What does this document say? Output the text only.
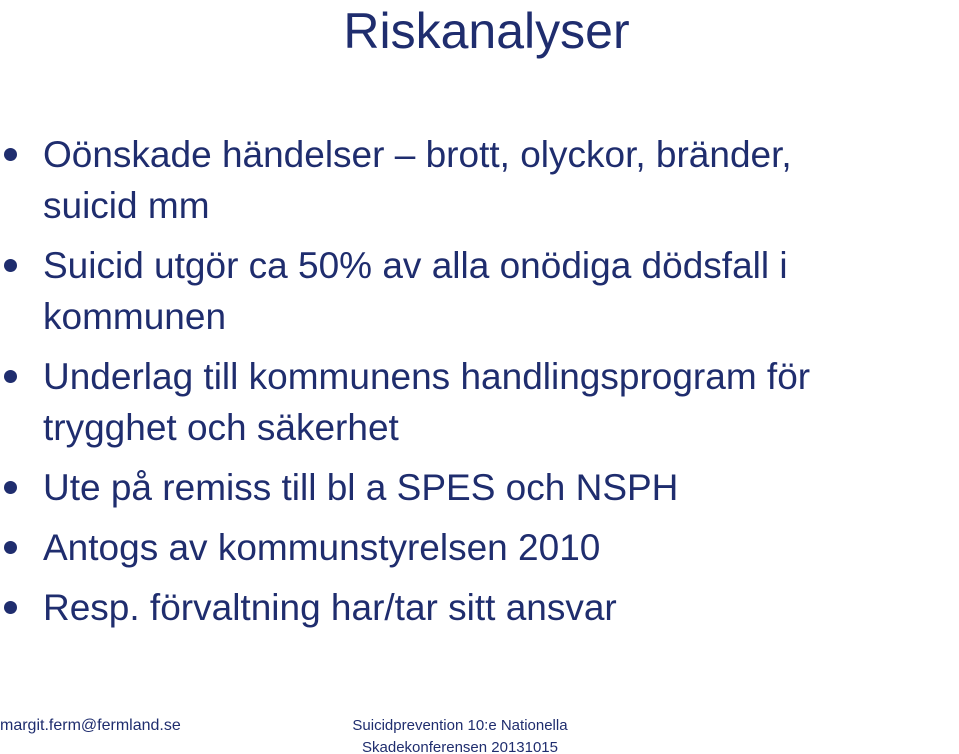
Riskanalyser
Oönskade händelser – brott, olyckor, bränder,
suicid mm
Suicid utgör ca 50% av alla onödiga dödsfall i
kommunen
Underlag till kommunens handlingsprogram för
trygghet och säkerhet
Ute på remiss till bl a SPES och NSPH
Antogs av kommunstyrelsen 2010
Resp. förvaltning har/tar sitt ansvar
margit.ferm@fermland.se	Suicidprevention 10:e Nationella
Skadekonferensen 20131015
